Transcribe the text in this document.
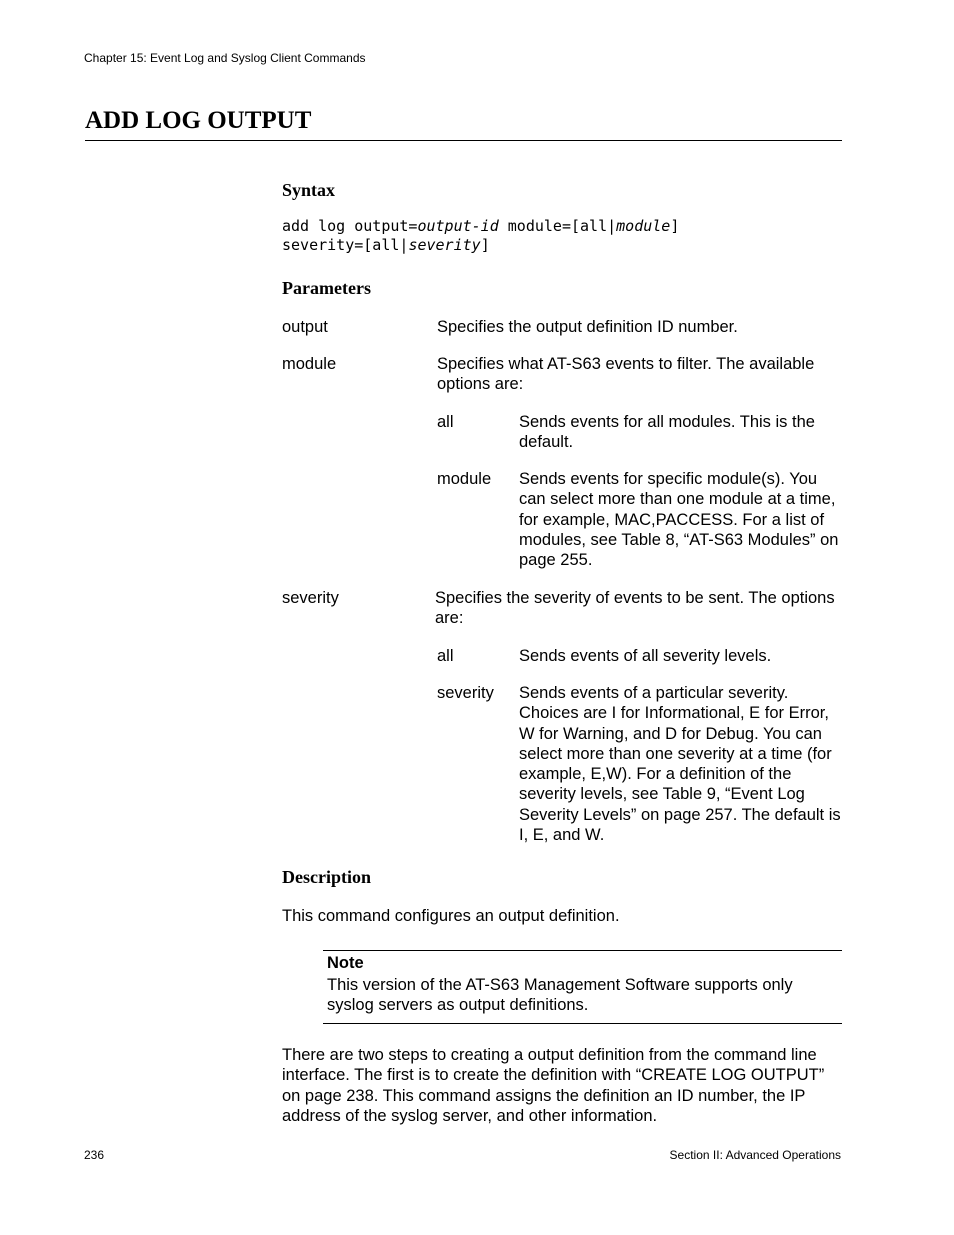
Chapter 15: Event Log and Syslog Client Commands
ADD LOG OUTPUT
Syntax
add log output=output-id module=[all|module]
severity=[all|severity]
Parameters
output	Specifies the output definition ID number.
module	Specifies what AT-S63 events to filter. The available options are:
all	Sends events for all modules. This is the default.
module Sends events for specific module(s). You can select more than one module at a time, for example, MAC,PACCESS. For a list of modules, see Table 8, “AT-S63 Modules” on page 255.
severity	Specifies the severity of events to be sent. The options are:
all	Sends events of all severity levels.
severity Sends events of a particular severity. Choices are I for Informational, E for Error, W for Warning, and D for Debug. You can select more than one severity at a time (for example, E,W). For a definition of the severity levels, see Table 9, “Event Log Severity Levels” on page 257. The default is I, E, and W.
Description
This command configures an output definition.
Note
This version of the AT-S63 Management Software supports only syslog servers as output definitions.
There are two steps to creating a output definition from the command line interface. The first is to create the definition with “CREATE LOG OUTPUT” on page 238. This command assigns the definition an ID number, the IP address of the syslog server, and other information.
236	Section II: Advanced Operations
